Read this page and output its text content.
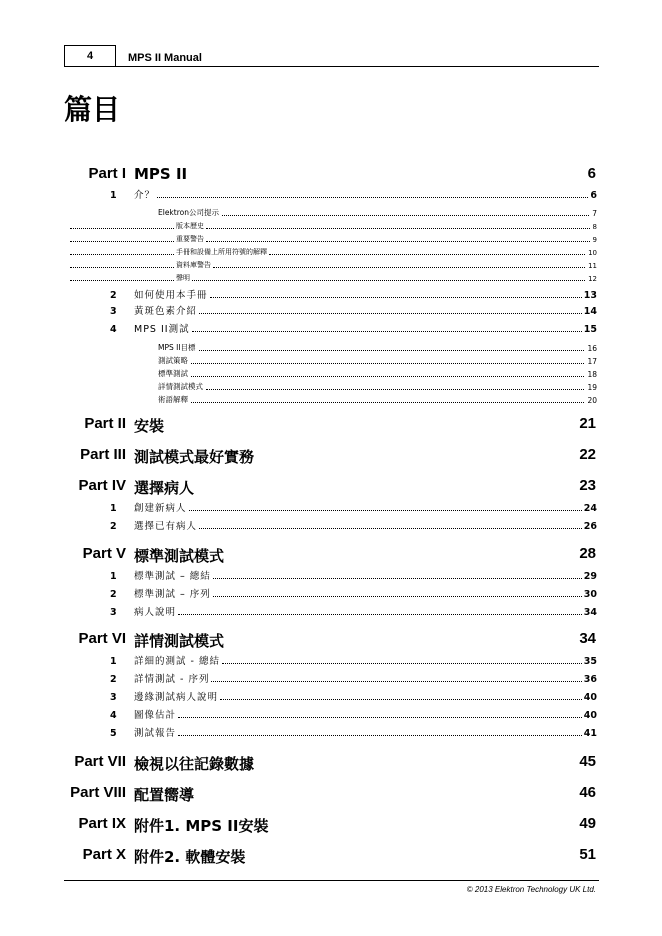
4	MPS II Manual
篇目
Part I MPS II	6
1	介？	6
Elektron公司提示	7
版本歷史	8
重要警告	9
手冊和設備上所用符號的解釋	10
資料庫警告	11
聲明	12
2	如何使用本手冊	13
3	黃斑色素介紹	14
4	MPS II測試	15
MPS II目標	16
測試策略	17
標準測試	18
詳情測試模式	19
術語解釋	20
Part II 安裝	21
Part III 測試模式最好實務	22
Part IV 選擇病人	23
1	創建新病人	24
2	選擇已有病人	26
Part V 標準測試模式	28
1	標準測試 – 總結	29
2	標準測試 – 序列	30
3	病人說明	34
Part VI 詳情測試模式	34
1	詳細的測試 - 總結	35
2	詳情測試 - 序列	36
3	邊緣測試病人說明	40
4	圖像估計	40
5	測試報告	41
Part VII 檢視以往記錄數據	45
Part VIII 配置嚮導	46
Part IX 附件1. MPS II安裝	49
Part X 附件2. 軟體安裝	51
© 2013 Elektron Technology UK Ltd.
